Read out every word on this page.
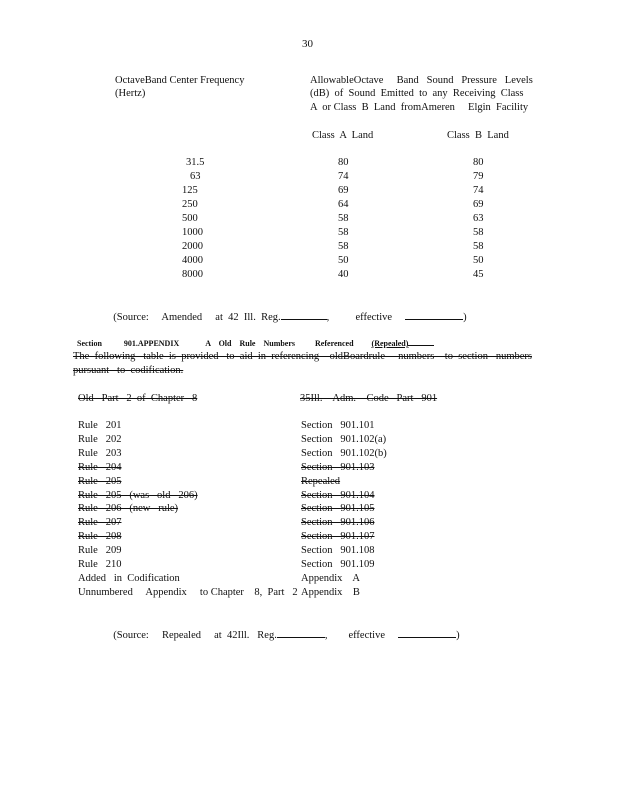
30
OctaveBand Center Frequency
(Hertz)
AllowableOctave     Band   Sound   Pressure   Levels
(dB)  of  Sound  Emitted  to  any  Receiving  Class
A  or Class  B  Land  fromAmeren     Elgin  Facility
Class  A  Land	Class  B  Land
31.5	80	80
63	74	79
125	69	74
250	64	69
500	58	63
1000	58	58
2000	58	58
4000	50	50
8000	40	45

(Source:     Amended     at  42  Ill.  Reg.	,	effective	)

Section	901.APPENDIX	A    Old    Rule    Numbers	Referenced (Repealed)

The  following   table  is  provided   to  aid  in  referencing    oldBoardrule     numbers    to  section   numbers
pursuant   to  codification.
Old   Part   2  of  Chapter   8	35Ill.    Adm.    Code   Part   901
Rule   201	Section   901.101
Rule   202	Section   901.102(a)
Rule   203	Section   901.102(b)
Rule   204	Section   901.103
Rule   205	Repealed
Rule   205   (was   old   206)	Section   901.104
Rule   206   (new   rule)	Section   901.105
Rule   207	Section   901.106
Rule   208	Section   901.107
Rule   209	Section   901.108
Rule   210	Section   901.109
Added   in  Codification	Appendix    A
Unnumbered     Appendix     to Chapter    8,  Part   2 Appendix    B

(Source:     Repealed     at  42Ill.   Reg.	, effective	)
